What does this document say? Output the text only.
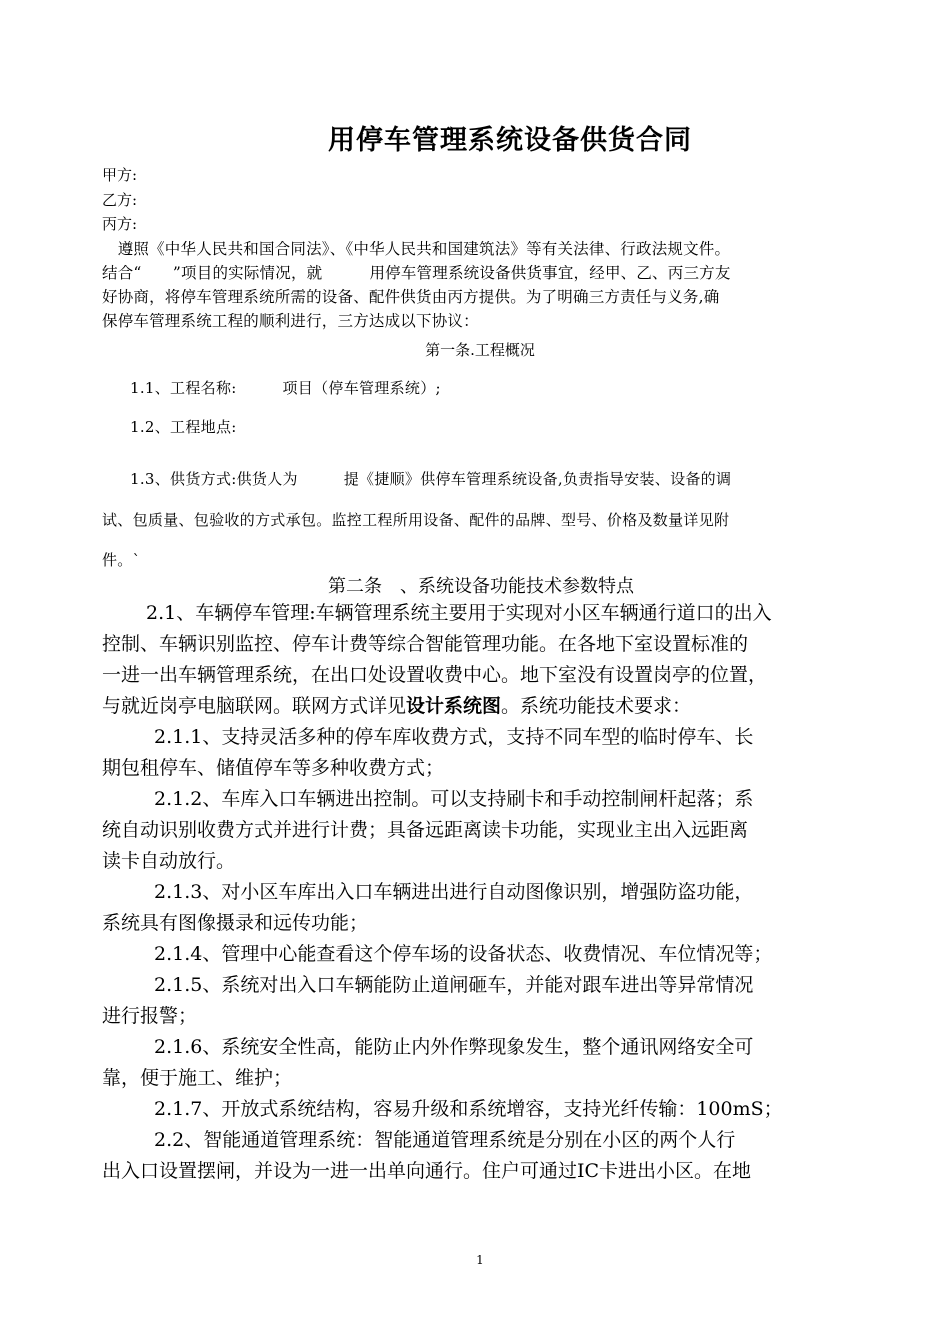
用停车管理系统设备供货合同
甲方:
乙方:
丙方:
　遵照《中华人民共和国合同法》、《中华人民共和国建筑法》等有关法律、行政法规文件。
结合“　　”项目的实际情况，就　　　用停车管理系统设备供货事宜，经甲、乙、丙三方友
好协商，将停车管理系统所需的设备、配件供货由丙方提供。为了明确三方责任与义务,确
保停车管理系统工程的顺利进行，三方达成以下协议：
第一条.工程概况
1.1、工程名称:　　　项目（停车管理系统）;
1.2、工程地点:
1.3、供货方式:供货人为　　　提《捷顺》供停车管理系统设备,负责指导安装、设备的调
试、包质量、包验收的方式承包。监控工程所用设备、配件的品牌、型号、价格及数量详见附
件。`
第二条　、系统设备功能技术参数特点
2.1、车辆停车管理:车辆管理系统主要用于实现对小区车辆通行道口的出入
控制、车辆识别监控、停车计费等综合智能管理功能。在各地下室设置标准的
一进一出车辆管理系统，在出口处设置收费中心。地下室没有设置岗亭的位置，
与就近岗亭电脑联网。联网方式详见设计系统图。系统功能技术要求：
2.1.1、支持灵活多种的停车库收费方式，支持不同车型的临时停车、长
期包租停车、储值停车等多种收费方式；
2.1.2、车库入口车辆进出控制。可以支持刷卡和手动控制闸杆起落；系
统自动识别收费方式并进行计费；具备远距离读卡功能，实现业主出入远距离
读卡自动放行。
2.1.3、对小区车库出入口车辆进出进行自动图像识别，增强防盗功能，
系统具有图像摄录和远传功能；
2.1.4、管理中心能查看这个停车场的设备状态、收费情况、车位情况等；
2.1.5、系统对出入口车辆能防止道闸砸车，并能对跟车进出等异常情况
进行报警；
2.1.6、系统安全性高，能防止内外作弊现象发生，整个通讯网络安全可
靠，便于施工、维护；
2.1.7、开放式系统结构，容易升级和系统增容，支持光纤传输：100mS；
2.2、智能通道管理系统：智能通道管理系统是分别在小区的两个人行
出入口设置摆闸，并设为一进一出单向通行。住户可通过IC卡进出小区。在地
1
